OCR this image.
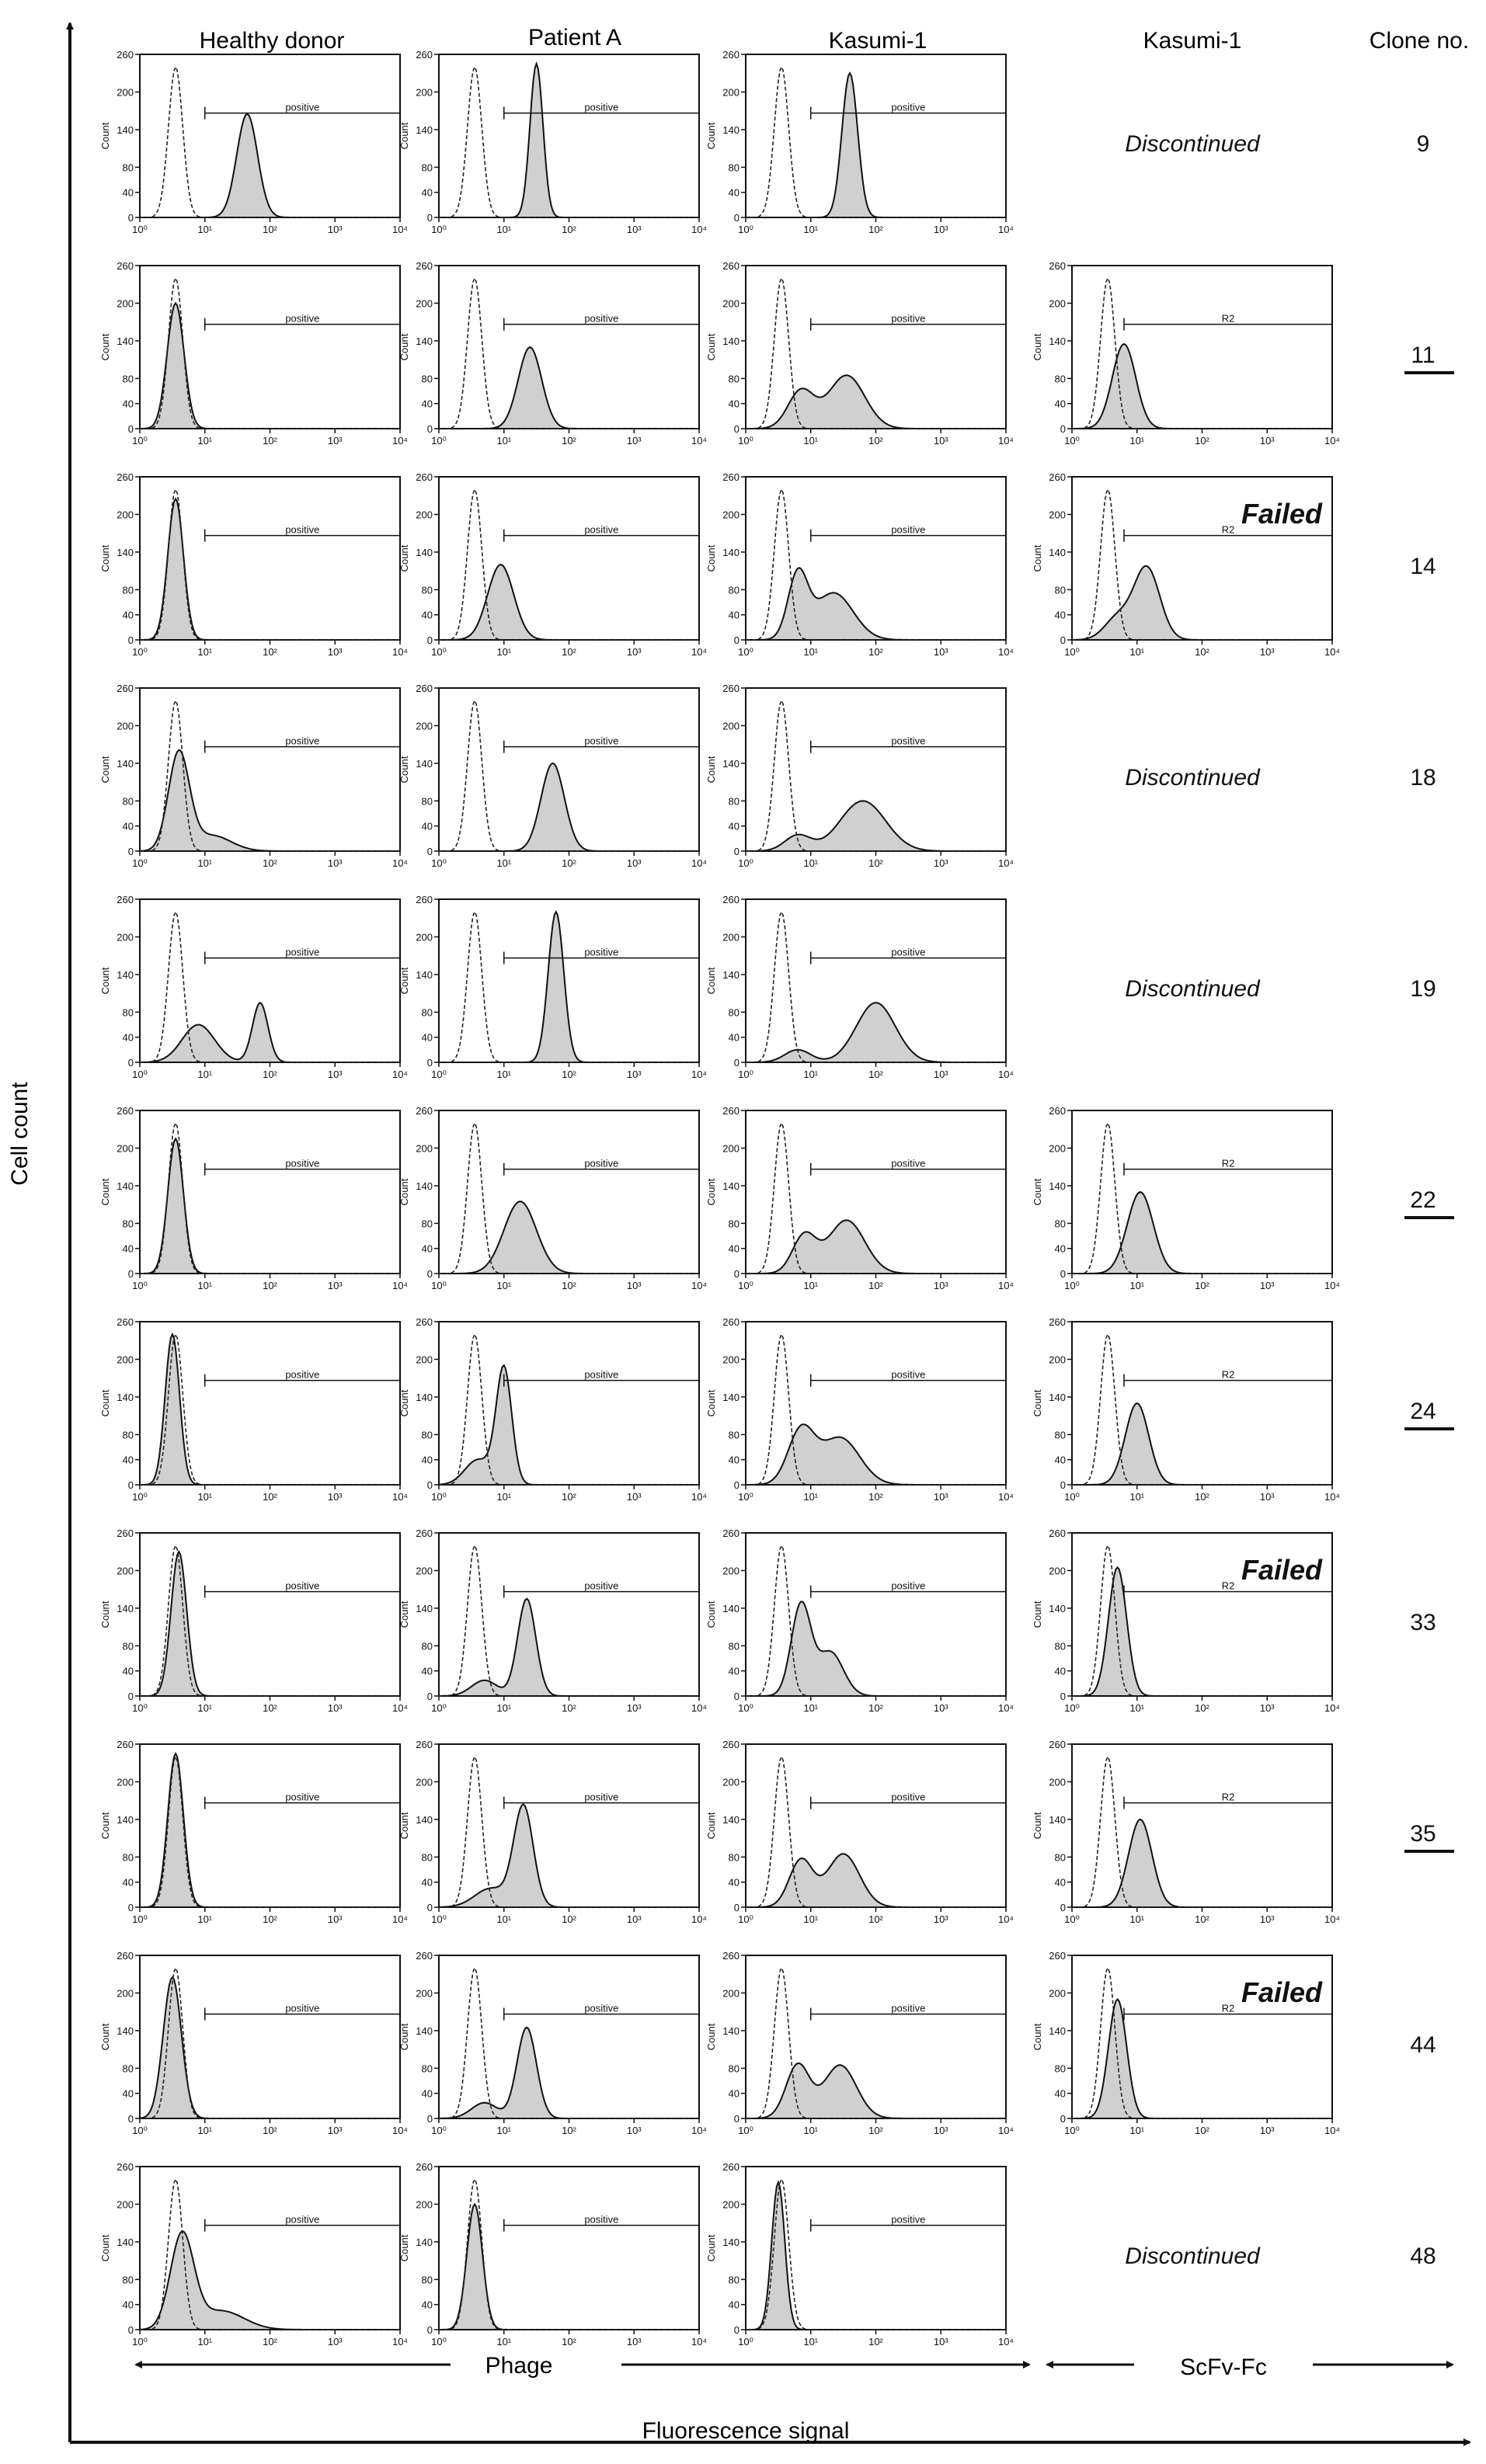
Cell count
Fluorescence signal
Healthy donor	Patient A	Kasumi-1	Kasumi-1	Clone no.
Phage	ScFv-Fc
0
40
80
140
200
260
Count
10⁰	10¹	10²	10³	10⁴
positive
0
40
80
140
200
260
Count
10⁰	10¹	10²	10³	10⁴
positive
0
40
80
140
200
260
Count
10⁰	10¹	10²	10³	10⁴
positive
Discontinued	9
0
40
80
140
200
260
Count
10⁰	10¹	10²	10³	10⁴
positive
0
40
80
140
200
260
Count
10⁰	10¹	10²	10³	10⁴
positive
0
40
80
140
200
260
Count
10⁰	10¹	10²	10³	10⁴
positive
0
40
80
140
200
260
Count
10⁰	10¹	10²	10³	10⁴
R2
11
0
40
80
140
200
260
Count
10⁰	10¹	10²	10³	10⁴
positive
0
40
80
140
200
260
Count
10⁰	10¹	10²	10³	10⁴
positive
0
40
80
140
200
260
Count
10⁰	10¹	10²	10³	10⁴
positive
0
40
80
140
200
260
Count
10⁰	10¹	10²	10³	10⁴
R2
Failed
14
0
40
80
140
200
260
Count
10⁰	10¹	10²	10³	10⁴
positive
0
40
80
140
200
260
Count
10⁰	10¹	10²	10³	10⁴
positive
0
40
80
140
200
260
Count
10⁰	10¹	10²	10³	10⁴
positive
Discontinued	18
0
40
80
140
200
260
Count
10⁰	10¹	10²	10³	10⁴
positive
0
40
80
140
200
260
Count
10⁰	10¹	10²	10³	10⁴
positive
0
40
80
140
200
260
Count
10⁰	10¹	10²	10³	10⁴
positive
Discontinued	19
0
40
80
140
200
260
Count
10⁰	10¹	10²	10³	10⁴
positive
0
40
80
140
200
260
Count
10⁰	10¹	10²	10³	10⁴
positive
0
40
80
140
200
260
Count
10⁰	10¹	10²	10³	10⁴
positive
0
40
80
140
200
260
Count
10⁰	10¹	10²	10³	10⁴
R2
22
0
40
80
140
200
260
Count
10⁰	10¹	10²	10³	10⁴
positive
0
40
80
140
200
260
Count
10⁰	10¹	10²	10³	10⁴
positive
0
40
80
140
200
260
Count
10⁰	10¹	10²	10³	10⁴
positive
0
40
80
140
200
260
Count
10⁰	10¹	10²	10³	10⁴
R2
24
0
40
80
140
200
260
Count
10⁰	10¹	10²	10³	10⁴
positive
0
40
80
140
200
260
Count
10⁰	10¹	10²	10³	10⁴
positive
0
40
80
140
200
260
Count
10⁰	10¹	10²	10³	10⁴
positive
0
40
80
140
200
260
Count
10⁰	10¹	10²	10³	10⁴
R2
Failed
33
0
40
80
140
200
260
Count
10⁰	10¹	10²	10³	10⁴
positive
0
40
80
140
200
260
Count
10⁰	10¹	10²	10³	10⁴
positive
0
40
80
140
200
260
Count
10⁰	10¹	10²	10³	10⁴
positive
0
40
80
140
200
260
Count
10⁰	10¹	10²	10³	10⁴
R2
35
0
40
80
140
200
260
Count
10⁰	10¹	10²	10³	10⁴
positive
0
40
80
140
200
260
Count
10⁰	10¹	10²	10³	10⁴
positive
0
40
80
140
200
260
Count
10⁰	10¹	10²	10³	10⁴
positive
0
40
80
140
200
260
Count
10⁰	10¹	10²	10³	10⁴
R2
Failed
44
0
40
80
140
200
260
Count
10⁰	10¹	10²	10³	10⁴
positive
0
40
80
140
200
260
Count
10⁰	10¹	10²	10³	10⁴
positive
0
40
80
140
200
260
Count
10⁰	10¹	10²	10³	10⁴
positive
Discontinued	48
